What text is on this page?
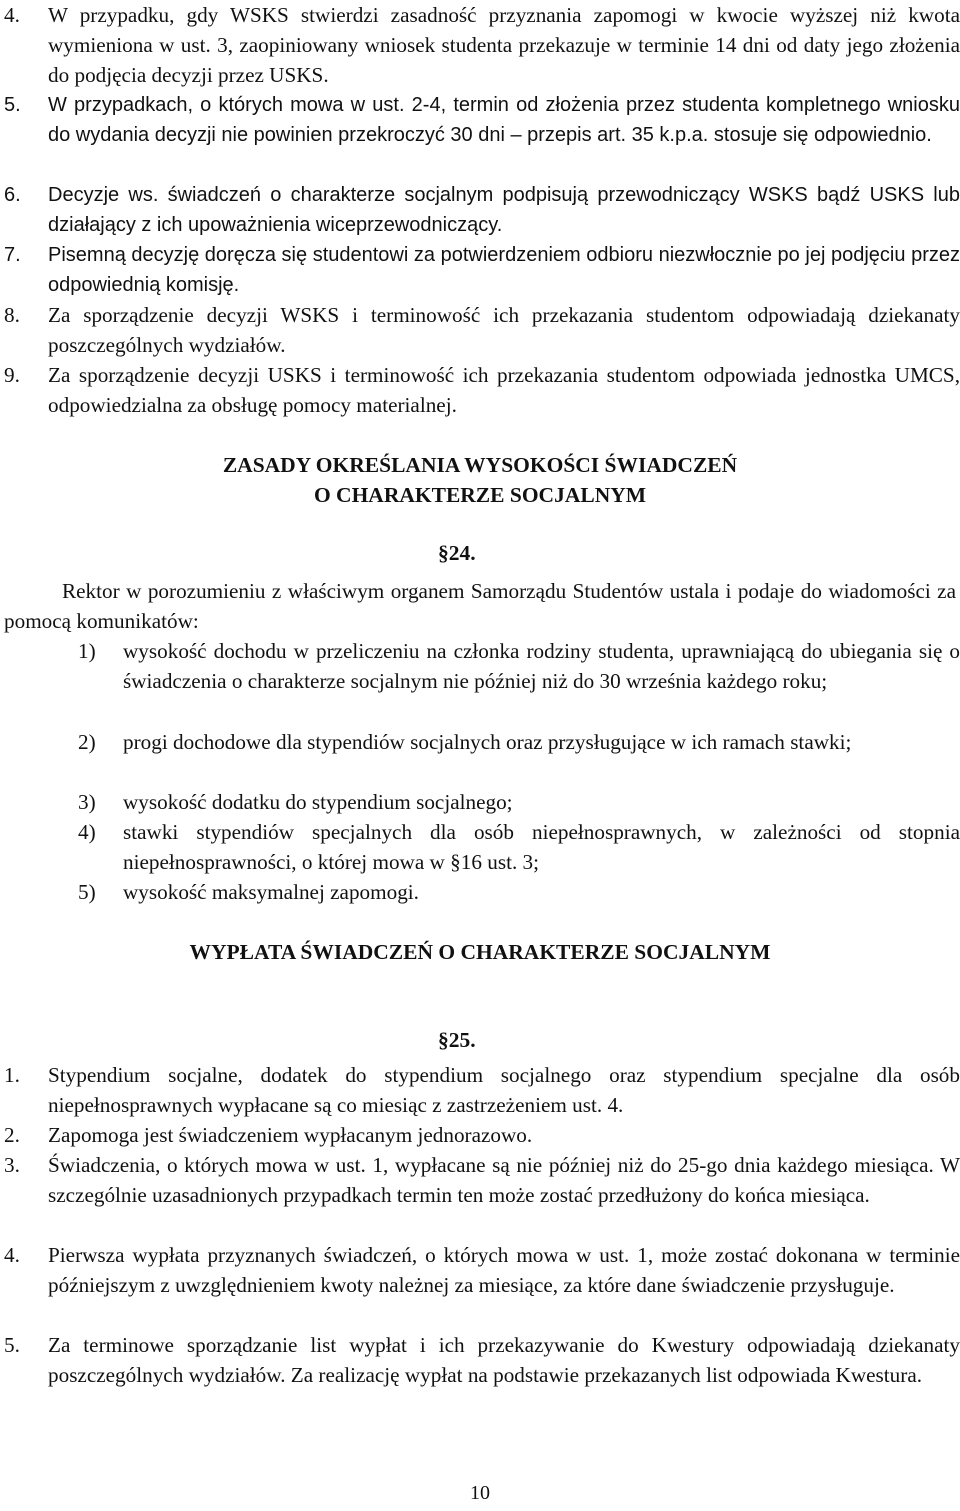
4. W przypadku, gdy WSKS stwierdzi zasadność przyznania zapomogi w kwocie wyższej niż kwota wymieniona w ust. 3, zaopiniowany wniosek studenta przekazuje w terminie 14 dni od daty jego złożenia do podjęcia decyzji przez USKS.

5. W przypadkach, o których mowa w ust. 2-4, termin od złożenia przez studenta kompletnego wniosku do wydania decyzji nie powinien przekroczyć 30 dni – przepis art. 35 k.p.a. stosuje się odpowiednio.

6. Decyzje ws. świadczeń o charakterze socjalnym podpisują przewodniczący WSKS bądź USKS lub działający z ich upoważnienia wiceprzewodniczący.

7. Pisemną decyzję doręcza się studentowi za potwierdzeniem odbioru niezwłocznie po jej podjęciu przez odpowiednią komisję.

8. Za sporządzenie decyzji WSKS i terminowość ich przekazania studentom odpowiadają dziekanaty poszczególnych wydziałów.

9. Za sporządzenie decyzji USKS i terminowość ich przekazania studentom odpowiada jednostka UMCS, odpowiedzialna za obsługę pomocy materialnej.

ZASADY OKREŚLANIA WYSOKOŚCI ŚWIADCZEŃ

O CHARAKTERZE SOCJALNYM

§24.

Rektor w porozumieniu z właściwym organem Samorządu Studentów ustala i podaje do wiadomości za pomocą komunikatów:

1) wysokość dochodu w przeliczeniu na członka rodziny studenta, uprawniającą do ubiegania się o świadczenia o charakterze socjalnym nie później niż do 30 września każdego roku;

2) progi dochodowe dla stypendiów socjalnych oraz przysługujące w ich ramach stawki;

3) wysokość dodatku do stypendium socjalnego;

4) stawki stypendiów specjalnych dla osób niepełnosprawnych, w zależności od stopnia niepełnosprawności, o której mowa w §16 ust. 3;

5) wysokość maksymalnej zapomogi.

WYPŁATA ŚWIADCZEŃ O CHARAKTERZE SOCJALNYM

§25.
1. Stypendium socjalne, dodatek do stypendium socjalnego oraz stypendium specjalne dla osób niepełnosprawnych wypłacane są co miesiąc z zastrzeżeniem ust. 4.

2. Zapomoga jest świadczeniem wypłacanym jednorazowo.

3. Świadczenia, o których mowa w ust. 1, wypłacane są nie później niż do 25-go dnia każdego miesiąca. W szczególnie uzasadnionych przypadkach termin ten może zostać przedłużony do końca miesiąca.

4. Pierwsza wypłata przyznanych świadczeń, o których mowa w ust. 1, może zostać dokonana w terminie późniejszym z uwzględnieniem kwoty należnej za miesiące, za które dane świadczenie przysługuje.

5. Za terminowe sporządzanie list wypłat i ich przekazywanie do Kwestury odpowiadają dziekanaty poszczególnych wydziałów. Za realizację wypłat na podstawie przekazanych list odpowiada Kwestura.

10
